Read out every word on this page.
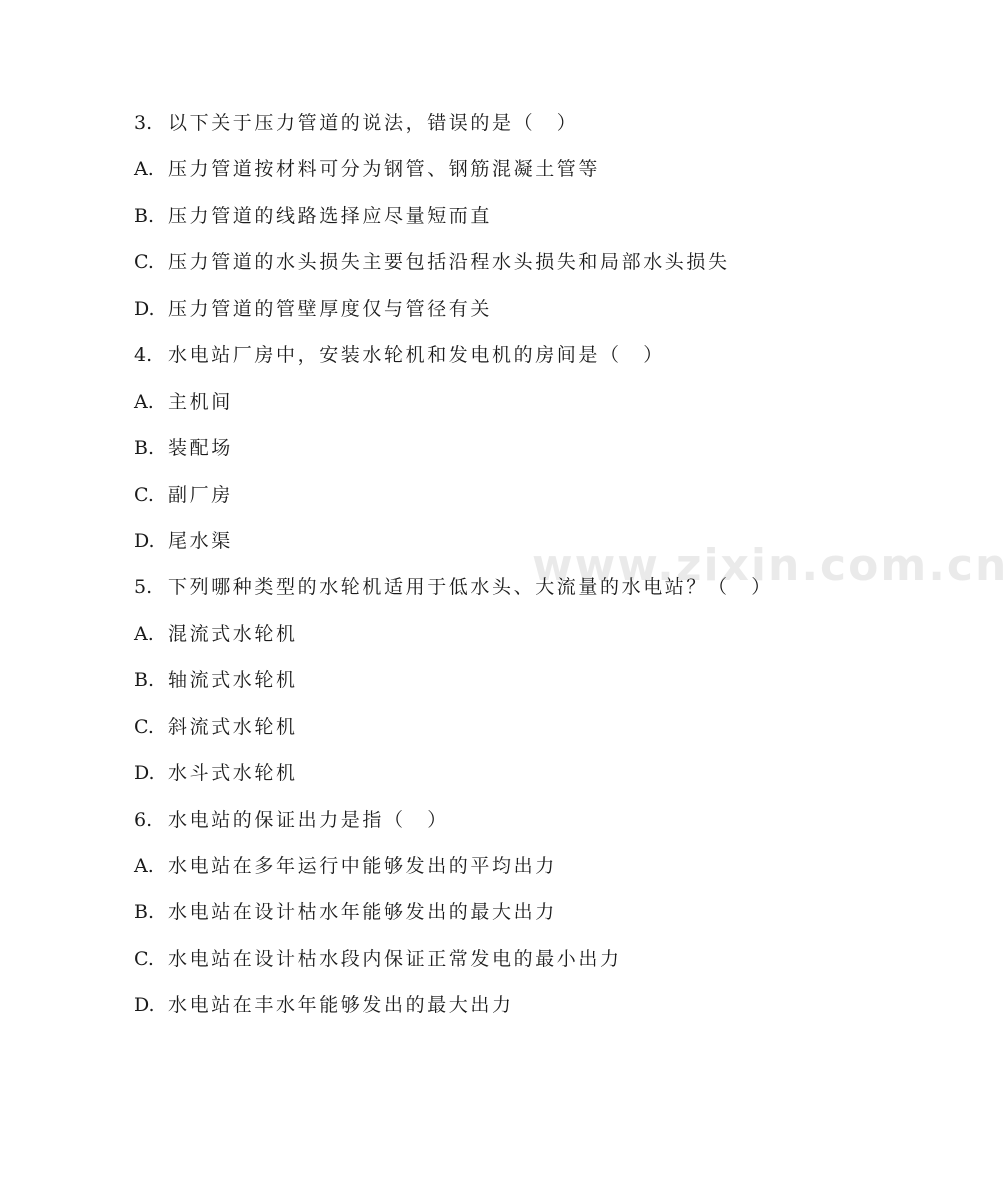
www.zixin.com.cn
3. 以下关于压力管道的说法，错误的是（　）
A. 压力管道按材料可分为钢管、钢筋混凝土管等
B. 压力管道的线路选择应尽量短而直
C. 压力管道的水头损失主要包括沿程水头损失和局部水头损失
D. 压力管道的管壁厚度仅与管径有关
4. 水电站厂房中，安装水轮机和发电机的房间是（　）
A. 主机间
B. 装配场
C. 副厂房
D. 尾水渠
5. 下列哪种类型的水轮机适用于低水头、大流量的水电站？（　）
A. 混流式水轮机
B. 轴流式水轮机
C. 斜流式水轮机
D. 水斗式水轮机
6. 水电站的保证出力是指（　）
A. 水电站在多年运行中能够发出的平均出力
B. 水电站在设计枯水年能够发出的最大出力
C. 水电站在设计枯水段内保证正常发电的最小出力
D. 水电站在丰水年能够发出的最大出力
